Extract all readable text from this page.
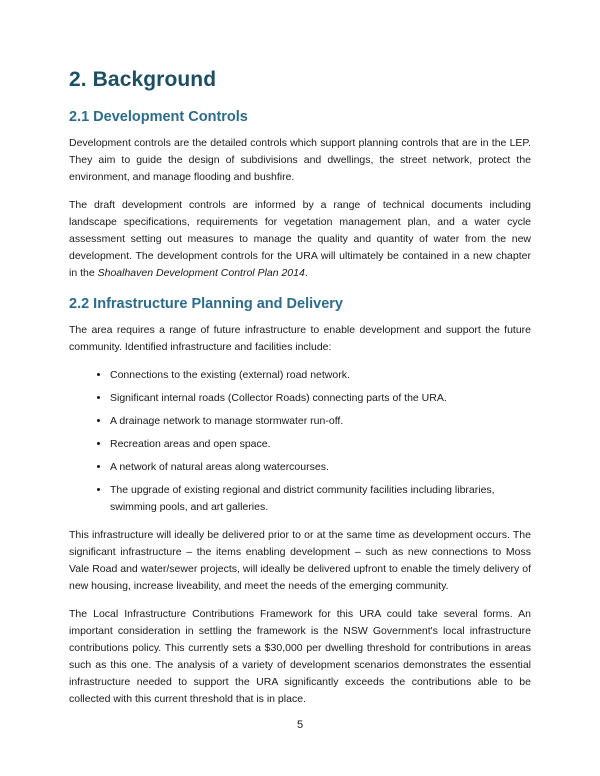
2. Background
2.1 Development Controls

Development controls are the detailed controls which support planning controls that are in the LEP. They aim to guide the design of subdivisions and dwellings, the street network, protect the environment, and manage flooding and bushfire.

The draft development controls are informed by a range of technical documents including landscape specifications, requirements for vegetation management plan, and a water cycle assessment setting out measures to manage the quality and quantity of water from the new development. The development controls for the URA will ultimately be contained in a new chapter in the Shoalhaven Development Control Plan 2014.

2.2 Infrastructure Planning and Delivery

The area requires a range of future infrastructure to enable development and support the future community. Identified infrastructure and facilities include:

• Connections to the existing (external) road network.
• Significant internal roads (Collector Roads) connecting parts of the URA.
• A drainage network to manage stormwater run-off.
• Recreation areas and open space.
• A network of natural areas along watercourses.
• The upgrade of existing regional and district community facilities including libraries, swimming pools, and art galleries.

This infrastructure will ideally be delivered prior to or at the same time as development occurs. The significant infrastructure – the items enabling development – such as new connections to Moss Vale Road and water/sewer projects, will ideally be delivered upfront to enable the timely delivery of new housing, increase liveability, and meet the needs of the emerging community.

The Local Infrastructure Contributions Framework for this URA could take several forms. An important consideration in settling the framework is the NSW Government's local infrastructure contributions policy. This currently sets a $30,000 per dwelling threshold for contributions in areas such as this one. The analysis of a variety of development scenarios demonstrates the essential infrastructure needed to support the URA significantly exceeds the contributions able to be collected with this current threshold that is in place.

5
